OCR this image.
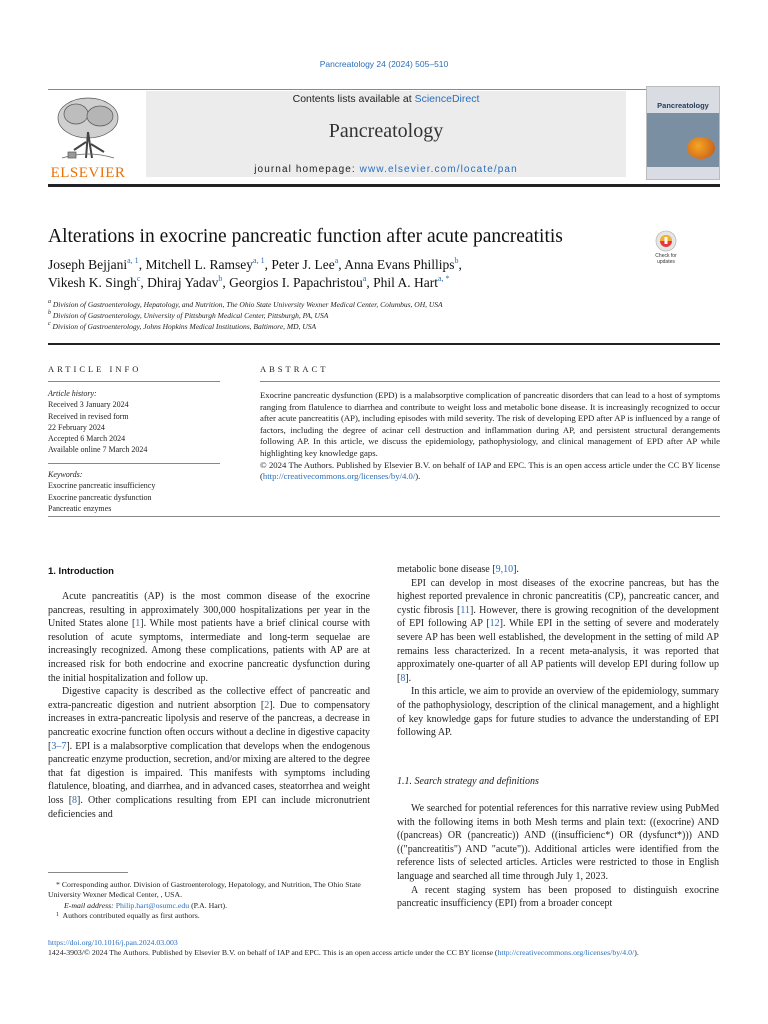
Pancreatology 24 (2024) 505–510
Contents lists available at ScienceDirect
Pancreatology
journal homepage: www.elsevier.com/locate/pan
ELSEVIER
Pancreatology
Alterations in exocrine pancreatic function after acute pancreatitis
Check for
updates
Joseph Bejjani$^{a, 1}$, Mitchell L. Ramsey$^{a, 1}$, Peter J. Lee$^a$, Anna Evans Phillips$^b$,
Vikesh K. Singh$^c$, Dhiraj Yadav$^b$, Georgios I. Papachristou$^a$, Phil A. Hart$^{a, *}$
$^a$ Division of Gastroenterology, Hepatology, and Nutrition, The Ohio State University Wexner Medical Center, Columbus, OH, USA
$^b$ Division of Gastroenterology, University of Pittsburgh Medical Center, Pittsburgh, PA, USA
$^c$ Division of Gastroenterology, Johns Hopkins Medical Institutions, Baltimore, MD, USA
ARTICLE INFO
Article history:
Received 3 January 2024
Received in revised form
22 February 2024
Accepted 6 March 2024
Available online 7 March 2024
Keywords:
Exocrine pancreatic insufficiency
Exocrine pancreatic dysfunction
Pancreatic enzymes
ABSTRACT
Exocrine pancreatic dysfunction (EPD) is a malabsorptive complication of pancreatic disorders that can lead to a host of symptoms ranging from flatulence to diarrhea and contribute to weight loss and metabolic bone disease. It is increasingly recognized to occur after acute pancreatitis (AP), including episodes with mild severity. The risk of developing EPD after AP is influenced by a range of factors, including the degree of acinar cell destruction and inflammation during AP, and persistent structural derangements following AP. In this article, we discuss the epidemiology, pathophysiology, and clinical management of EPD after AP while highlighting key knowledge gaps.
© 2024 The Authors. Published by Elsevier B.V. on behalf of IAP and EPC. This is an open access article under the CC BY license (http://creativecommons.org/licenses/by/4.0/).
1. Introduction

Acute pancreatitis (AP) is the most common disease of the exocrine pancreas, resulting in approximately 300,000 hospitalizations per year in the United States alone [1]. While most patients have a brief clinical course with resolution of acute symptoms, intermediate and long-term sequelae are increasingly recognized. Among these complications, patients with AP are at increased risk for both endocrine and exocrine pancreatic dysfunction during the initial hospitalization and follow up.

Digestive capacity is described as the collective effect of pancreatic and extra-pancreatic digestion and nutrient absorption [2]. Due to compensatory increases in extra-pancreatic lipolysis and reserve of the pancreas, a decrease in pancreatic exocrine function often occurs without a decline in digestive capacity [3–7]. EPI is a malabsorptive complication that develops when the endogenous pancreatic enzyme production, secretion, and/or mixing are altered to the degree that fat digestion is impaired. This manifests with symptoms including flatulence, bloating, and diarrhea, and in advanced cases, steatorrhea and weight loss [8]. Other complications resulting from EPI can include micronutrient deficiencies and

* Corresponding author. Division of Gastroenterology, Hepatology, and Nutrition, The Ohio State University Wexner Medical Center, , USA.
E-mail address: Philip.hart@osumc.edu (P.A. Hart).
$^1$ Authors contributed equally as first authors.

metabolic bone disease [9,10].

EPI can develop in most diseases of the exocrine pancreas, but has the highest reported prevalence in chronic pancreatitis (CP), pancreatic cancer, and cystic fibrosis [11]. However, there is growing recognition of the development of EPI following AP [12]. While EPI in the setting of severe and moderately severe AP has been well established, the development in the setting of mild AP remains less characterized. In a recent meta-analysis, it was reported that approximately one-quarter of all AP patients will develop EPI during follow up [8].

In this article, we aim to provide an overview of the epidemiology, summary of the pathophysiology, description of the clinical management, and a highlight of key knowledge gaps for future studies to advance the understanding of EPI following AP.

1.1. Search strategy and definitions

We searched for potential references for this narrative review using PubMed with the following items in both Mesh terms and plain text: ((exocrine) AND ((pancreas) OR (pancreatic)) AND ((insufficienc*) OR (dysfunct*))) AND (("pancreatitis") AND "acute")). Additional articles were identified from the reference lists of selected articles. Articles were restricted to those in English language and searched all time through July 1, 2023.

A recent staging system has been proposed to distinguish exocrine pancreatic insufficiency (EPI) from a broader concept

https://doi.org/10.1016/j.pan.2024.03.003
1424-3903/© 2024 The Authors. Published by Elsevier B.V. on behalf of IAP and EPC. This is an open access article under the CC BY license (http://creativecommons.org/licenses/by/4.0/).
